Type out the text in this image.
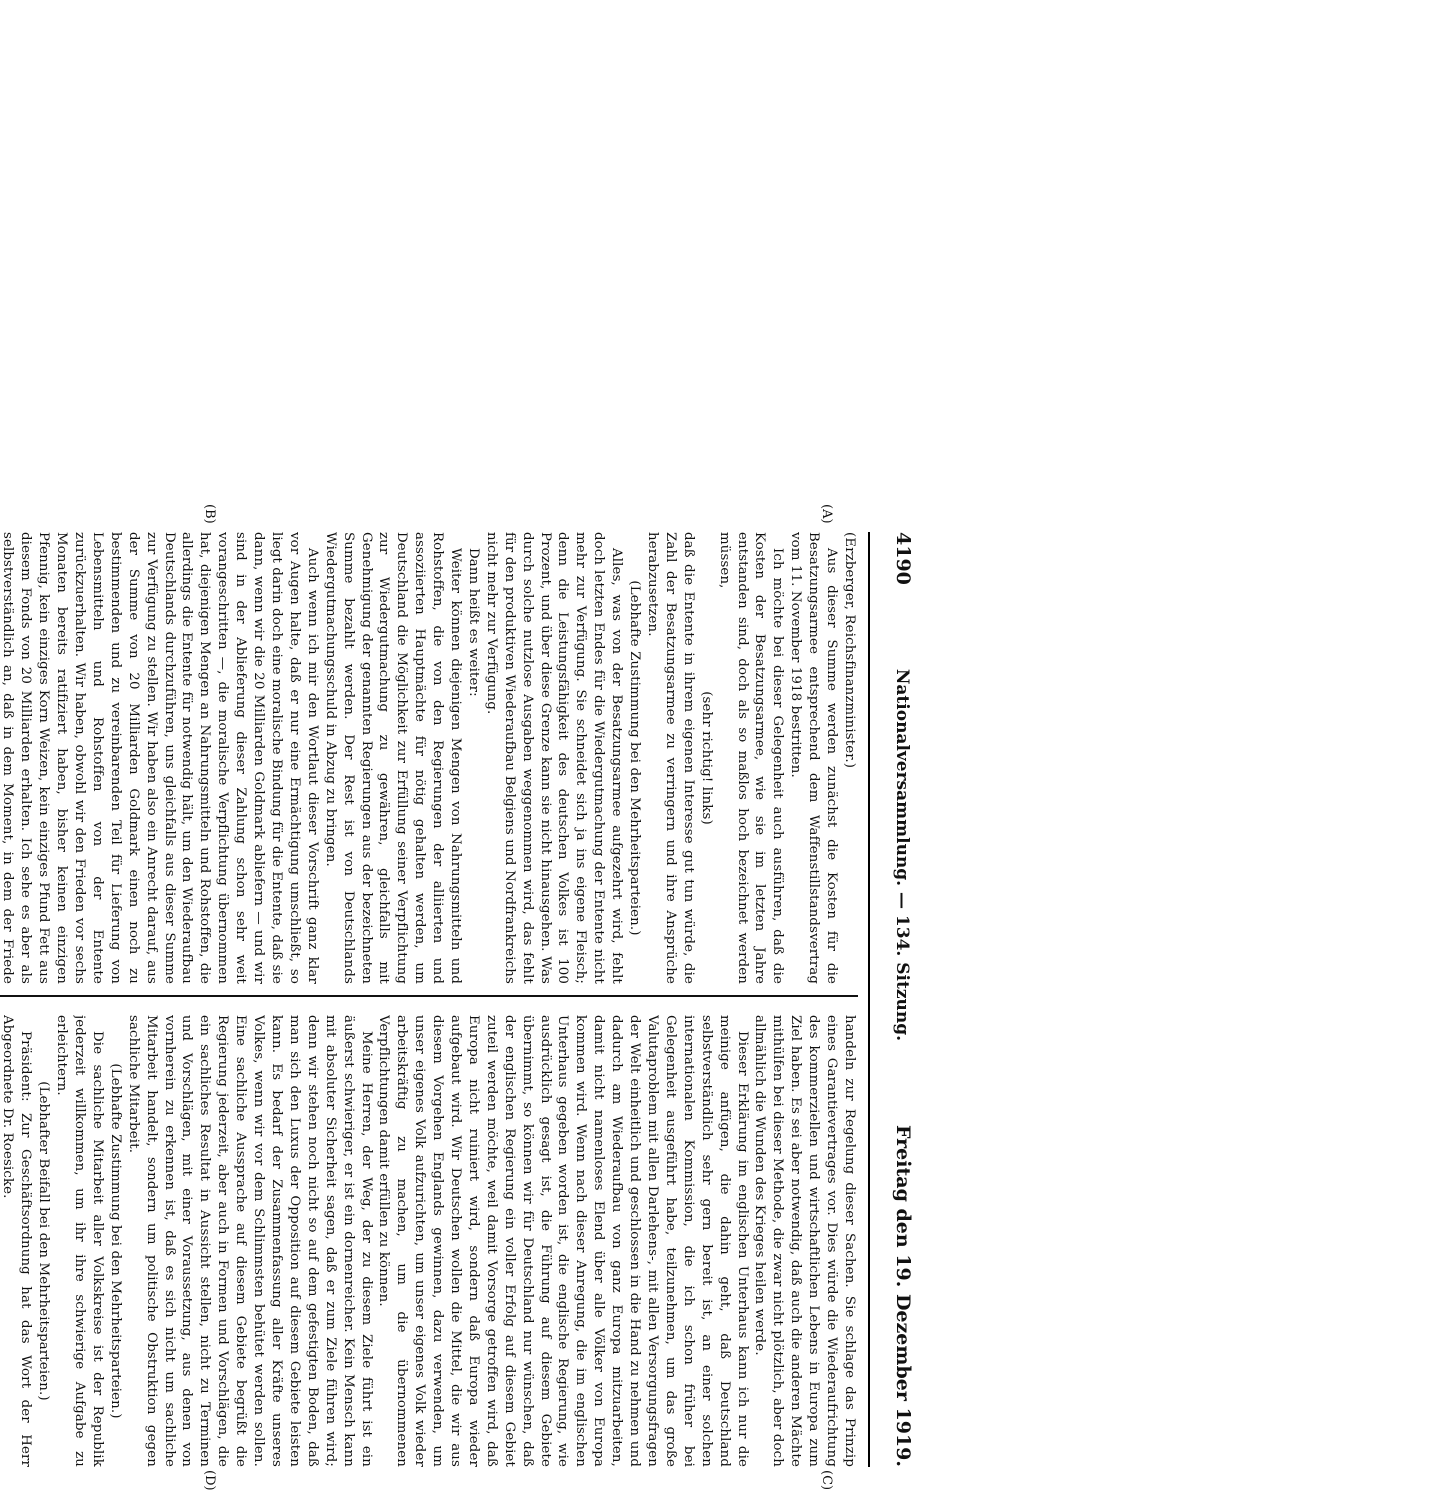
4190
Nationalversammlung. — 134. Sitzung.
Freitag den 19. Dezember 1919.
(A)
(B)
(C)
(D)

(Erzberger, Reichsfinanzminister.)

Aus dieser Summe werden zunächst die Kosten für die Besatzungsarmee entsprechend dem Waffenstillstandsvertrag vom 11. November 1918 bestritten.

Ich möchte bei dieser Gelegenheit auch ausführen, daß die Kosten der Besatzungsarmee, wie sie im letzten Jahre entstanden sind, doch als so maßlos hoch bezeichnet werden müssen,

(sehr richtig! links)

daß die Entente in ihrem eigenen Interesse gut tun würde, die Zahl der Besatzungsarmee zu verringern und ihre Ansprüche herabzusetzen.

(Lebhafte Zustimmung bei den Mehrheitsparteien.)

Alles, was von der Besatzungsarmee aufgezehrt wird, fehlt doch letzten Endes für die Wiedergutmachung der Entente nicht mehr zur Verfügung. Sie schneidet sich ja ins eigene Fleisch; denn die Leistungsfähigkeit des deutschen Volkes ist 100 Prozent, und über diese Grenze kann sie nicht hinausgehen. Was durch solche nutzlose Ausgaben weggenommen wird, das fehlt für den produktiven Wiederaufbau Belgiens und Nordfrankreichs nicht mehr zur Verfügung.

Dann heißt es weiter:

Weiter können diejenigen Mengen von Nahrungsmitteln und Rohstoffen, die von den Regierungen der alliierten und assoziierten Hauptmächte für nötig gehalten werden, um Deutschland die Möglichkeit zur Erfüllung seiner Verpflichtung zur Wiedergutmachung zu gewähren, gleichfalls mit Genehmigung der genannten Regierungen aus der bezeichneten Summe bezahlt werden. Der Rest ist von Deutschlands Wiedergutmachungsschuld in Abzug zu bringen.

Auch wenn ich mir den Wortlaut dieser Vorschrift ganz klar vor Augen halte, daß er nur eine Ermächtigung umschließt, so liegt darin doch eine moralische Bindung für die Entente, daß sie dann, wenn wir die 20 Milliarden Goldmark abliefern — und wir sind in der Ablieferung dieser Zahlung schon sehr weit vorangeschritten —, die moralische Verpflichtung übernommen hat, diejenigen Mengen an Nahrungsmitteln und Rohstoffen, die allerdings die Entente für notwendig hält, um den Wiederaufbau Deutschlands durchzuführen, uns gleichfalls aus dieser Summe zur Verfügung zu stellen. Wir haben also ein Anrecht darauf, aus der Summe von 20 Milliarden Goldmark einen noch zu bestimmenden und zu vereinbarenden Teil für Lieferung von Lebensmitteln und Rohstoffen von der Entente zurückzuerhalten. Wir haben, obwohl wir den Frieden vor sechs Monaten bereits ratifiziert haben, bisher keinen einzigen Pfennig, kein einziges Korn Weizen, kein einziges Pfund Fett aus diesem Fonds von 20 Milliarden erhalten. Ich sehe es aber als selbstverständlich an, daß in dem Moment, in dem der Friede

handeln zur Regelung dieser Sachen. Sie schlage das Prinzip eines Garantievertrages vor. Dies würde die Wiederaufrichtung des kommerziellen und wirtschaftlichen Lebens in Europa zum Ziel haben. Es sei aber notwendig, daß auch die anderen Mächte mithülfen bei dieser Methode, die zwar nicht plötzlich, aber doch allmählich die Wunden des Krieges heilen werde.

Dieser Erklärung im englischen Unterhaus kann ich nur die meinige anfügen, die dahin geht, daß Deutschland selbstverständlich sehr gern bereit ist, an einer solchen internationalen Kommission, die ich schon früher bei Gelegenheit ausgeführt habe, teilzunehmen, um das große Valutaproblem mit allen Darlehens-, mit allen Versorgungsfragen der Welt einheitlich und geschlossen in die Hand zu nehmen und dadurch am Wiederaufbau von ganz Europa mitzuarbeiten, damit nicht namenloses Elend über alle Völker von Europa kommen wird. Wenn nach dieser Anregung, die im englischen Unterhaus gegeben worden ist, die englische Regierung, wie ausdrücklich gesagt ist, die Führung auf diesem Gebiete übernimmt, so können wir für Deutschland nur wünschen, daß der englischen Regierung ein voller Erfolg auf diesem Gebiet zuteil werden möchte, weil damit Vorsorge getroffen wird, daß Europa nicht ruiniert wird, sondern daß Europa wieder aufgebaut wird. Wir Deutschen wollen die Mittel, die wir aus diesem Vorgehen Englands gewinnen, dazu verwenden, um unser eigenes Volk aufzurichten, um unser eigenes Volk wieder arbeitskräftig zu machen, um die übernommenen Verpflichtungen damit erfüllen zu können.

Meine Herren, der Weg, der zu diesem Ziele führt ist ein äußerst schwieriger, er ist ein dornenreicher. Kein Mensch kann mit absoluter Sicherheit sagen, daß er zum Ziele führen wird; denn wir stehen noch nicht so auf dem gefestigten Boden, daß man sich den Luxus der Opposition auf diesem Gebiete leisten kann. Es bedarf der Zusammenfassung aller Kräfte unseres Volkes, wenn wir vor dem Schlimmsten behütet werden sollen. Eine sachliche Aussprache auf diesem Gebiete begrüßt die Regierung jederzeit, aber auch in Formen und Vorschlägen, die ein sachliches Resultat in Aussicht stellen, nicht zu Terminen und Vorschlägen, mit einer Voraussetzung, aus denen von vornherein zu erkennen ist, daß es sich nicht um sachliche Mitarbeit handelt, sondern um politische Obstruktion gegen sachliche Mitarbeit.

(Lebhafte Zustimmung bei den Mehrheitsparteien.)

Die sachliche Mitarbeit aller Volkskreise ist der Republik jederzeit willkommen, um ihr ihre schwierige Aufgabe zu erleichtern.

(Lebhafter Beifall bei den Mehrheitsparteien.)

Präsident: Zur Geschäftsordnung hat das Wort der Herr Abgeordnete Dr. Roesicke.
